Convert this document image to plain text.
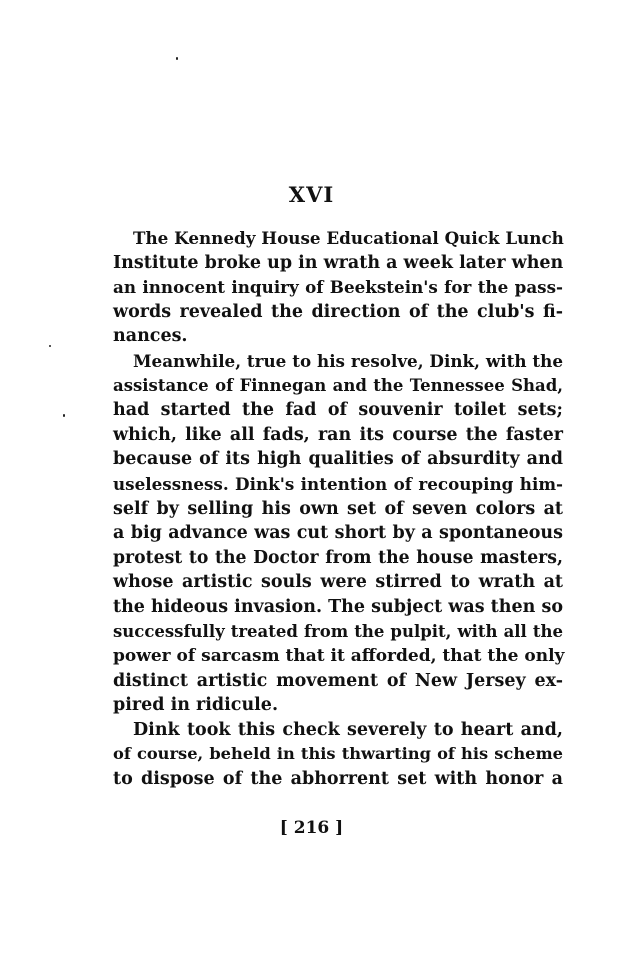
XVI
The Kennedy House Educational Quick Lunch
Institute broke up in wrath a week later when
an innocent inquiry of Beekstein's for the pass-
words revealed the direction of the club's fi-
nances.
Meanwhile, true to his resolve, Dink, with the
assistance of Finnegan and the Tennessee Shad,
had started the fad of souvenir toilet sets;
which, like all fads, ran its course the faster
because of its high qualities of absurdity and
uselessness. Dink's intention of recouping him-
self by selling his own set of seven colors at
a big advance was cut short by a spontaneous
protest to the Doctor from the house masters,
whose artistic souls were stirred to wrath at
the hideous invasion. The subject was then so
successfully treated from the pulpit, with all the
power of sarcasm that it afforded, that the only
distinct artistic movement of New Jersey ex-
pired in ridicule.
Dink took this check severely to heart and,
of course, beheld in this thwarting of his scheme
to dispose of the abhorrent set with honor a
[ 216 ]
